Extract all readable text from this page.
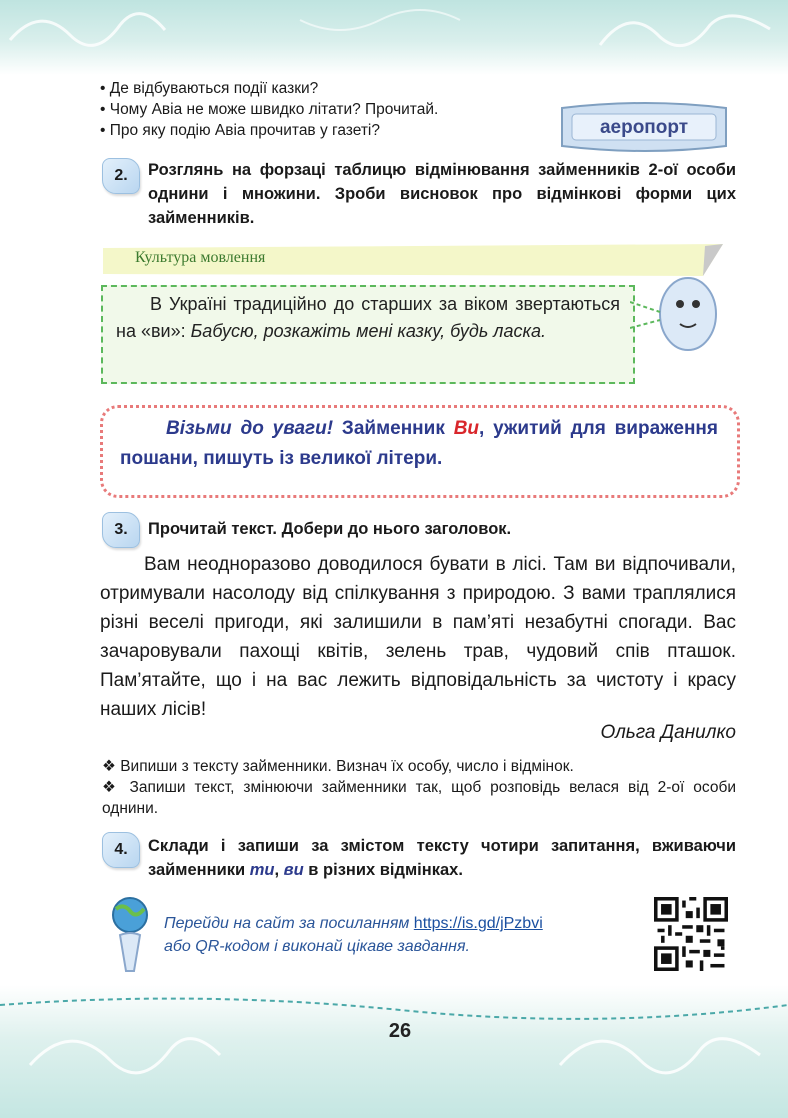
• Де відбуваються події казки?
• Чому Авіа не може швидко літати? Прочитай.
• Про яку подію Авіа прочитав у газеті?	аеропорт
2.	Розглянь на форзаці таблицю відмінювання займенників 2-ої особи однини і множини. Зроби висновок про відмінкові форми цих займенників.
Культура мовлення
В Україні традиційно до старших за віком звертаються на «ви»: Бабусю, розкажіть мені казку, будь ласка.
Візьми до уваги! Займенник Ви, ужитий для вираження пошани, пишуть із великої літери.
3.	Прочитай текст. Добери до нього заголовок.
Вам неодноразово доводилося бувати в лісі. Там ви відпочивали, отримували насолоду від спілкування з природою. З вами траплялися різні веселі пригоди, які залишили в пам’яті незабутні спогади. Вас зачаровували пахощі квітів, зелень трав, чудовий спів пташок. Пам’ятайте, що і на вас лежить відповідальність за чистоту і красу наших лісів!
Ольга Данилко
❖ Випиши з тексту займенники. Визнач їх особу, число і відмінок.
❖ Запиши текст, змінюючи займенники так, щоб розповідь велася від 2-ої особи однини.
4.	Склади і запиши за змістом тексту чотири запитання, вживаючи займенники ти, ви в різних відмінках.
Перейди на сайт за посиланням https://is.gd/jPzbvi
або QR-кодом і виконай цікаве завдання.
26
